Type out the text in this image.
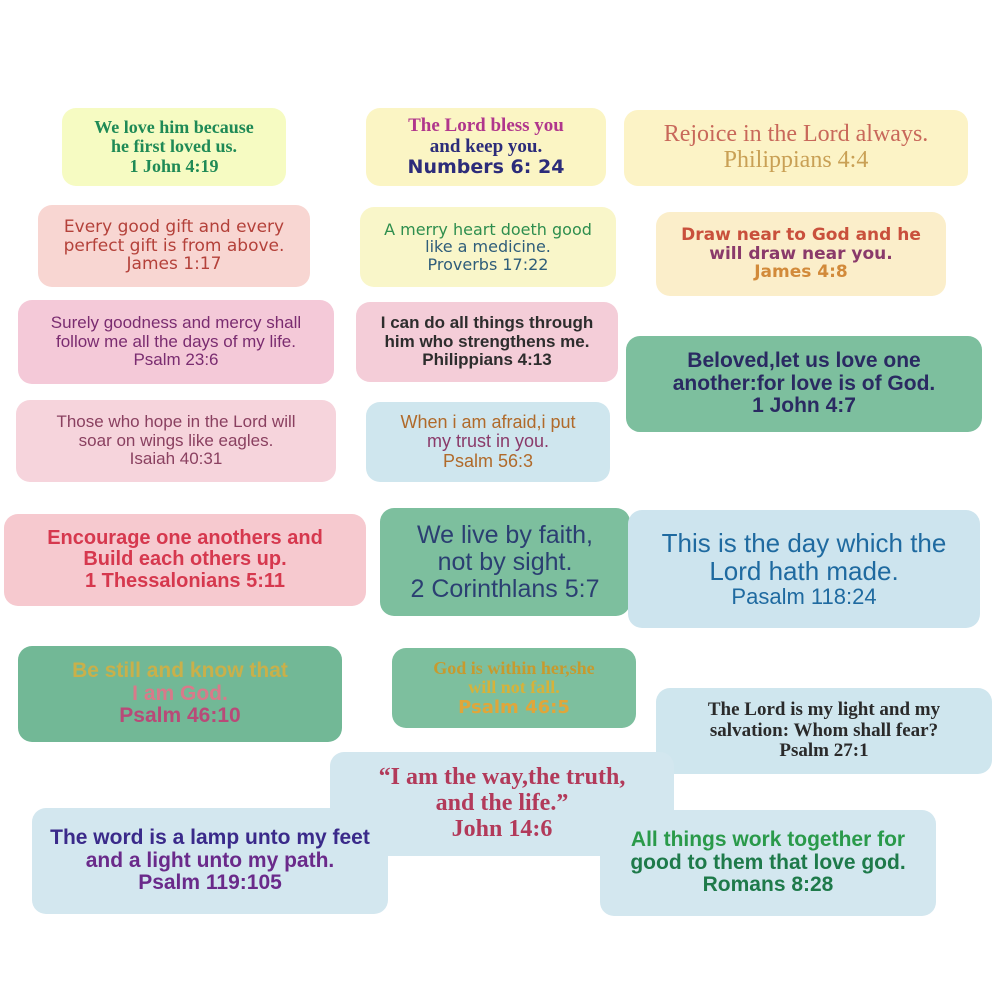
We love him because
he first loved us.
1 John 4:19
The Lord bless you
and keep you.
Numbers 6: 24
Rejoice in the Lord always.
Philippians 4:4
Every good gift and every
perfect gift is from above.
James 1:17
A merry heart doeth good
like a medicine.
Proverbs 17:22
Draw near to God and he
will draw near you.
James 4:8
Surely goodness and mercy shall
follow me all the days of my life.
Psalm 23:6
I can do all things through
him who strengthens me.
Philippians 4:13	Beloved,let us love one
another:for love is of God.
1 John 4:7
Those who hope in the Lord will
soar on wings like eagles.
Isaiah 40:31
When i am afraid,i put
my trust in you.
Psalm 56:3
Encourage one anothers and
Build each others up.
1 Thessalonians 5:11
We live by faith,
not by sight.
2 Corinthlans 5:7
This is the day which the
Lord hath made.
Pasalm 118:24
Be still and know that
I am God.
Psalm 46:10
God is within her,she
will not fall.
Psalm 46:5	The Lord is my light and my
salvation: Whom shall fear?
Psalm 27:1
“I am the way,the truth,
and the life.”
John 14:6
The word is a lamp unto my feet
and a light unto my path.
Psalm 119:105
All things work together for
good to them that love god.
Romans 8:28
